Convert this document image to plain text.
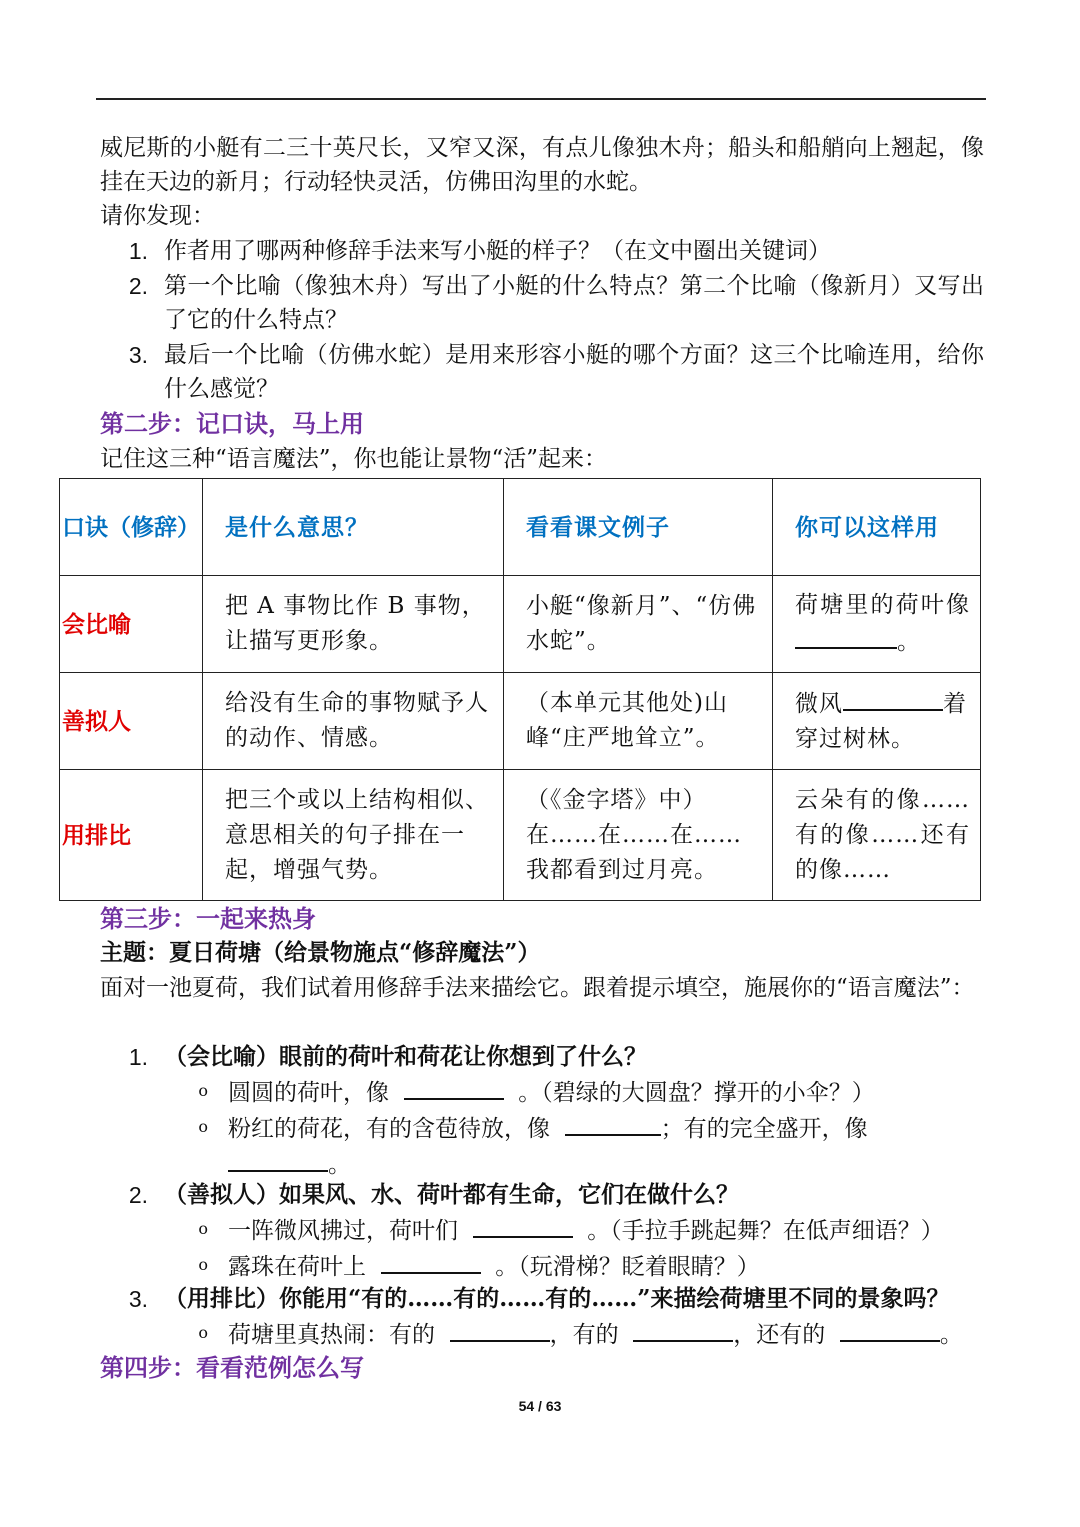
威尼斯的小艇有二三十英尺长，又窄又深，有点儿像独木舟；船头和船艄向上翘起，像挂在天边的新月；行动轻快灵活，仿佛田沟里的水蛇。
请你发现：
1. 作者用了哪两种修辞手法来写小艇的样子？（在文中圈出关键词）
2. 第一个比喻（像独木舟）写出了小艇的什么特点？第二个比喻（像新月）又写出了它的什么特点？
3. 最后一个比喻（仿佛水蛇）是用来形容小艇的哪个方面？这三个比喻连用，给你什么感觉？
第二步：记口诀，马上用
记住这三种“语言魔法”，你也能让景物“活”起来：
口诀（修辞）	是什么意思？	看看课文例子	你可以这样用
会比喻	把 A 事物比作 B 事物，让描写更形象。	小艇“像新月”、“仿佛水蛇”。	荷塘里的荷叶像。
善拟人	给没有生命的事物赋予人的动作、情感。	（本单元其他处)山峰“庄严地耸立”。	微风 着穿过树林。
用排比	把三个或以上结构相似、意思相关的句子排在一起，增强气势。	（《金字塔》中）在……在……在……我都看到过月亮。	云朵有的像……有的像……还有的像……
第三步：一起来热身
主题：夏日荷塘（给景物施点“修辞魔法”）
面对一池夏荷，我们试着用修辞手法来描绘它。跟着提示填空，施展你的“语言魔法”：
1. （会比喻）眼前的荷叶和荷花让你想到了什么？
o 圆圆的荷叶，像	。（碧绿的大圆盘？撑开的小伞？）
o 粉红的荷花，有的含苞待放，像	；有的完全盛开，像
。
2. （善拟人）如果风、水、荷叶都有生命，它们在做什么？
o 一阵微风拂过，荷叶们	。（手拉手跳起舞？在低声细语？）
o 露珠在荷叶上	。（玩滑梯？眨着眼睛？）
3. （用排比）你能用“有的……有的……有的……”来描绘荷塘里不同的景象吗？
o 荷塘里真热闹：有的	，有的	，还有的	。
第四步：看看范例怎么写
54 / 63
